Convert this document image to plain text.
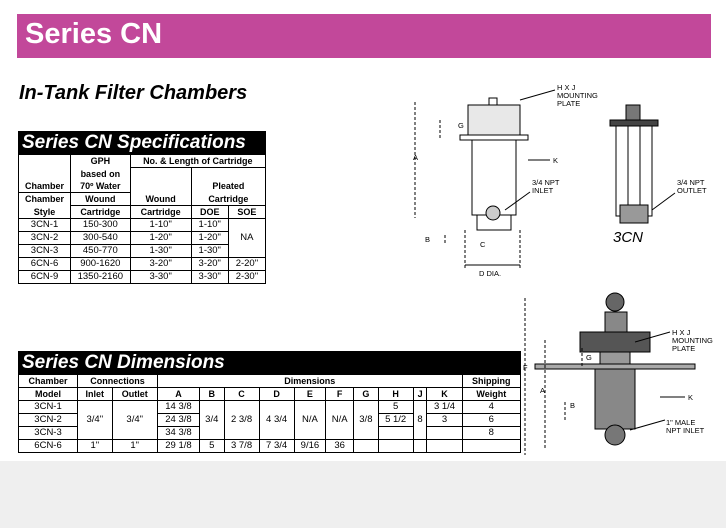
Series CN
In-Tank Filter Chambers
Series CN Specifications
Chamber	GPH	No. & Length of Cartridge		
	based on			
	70º Water		Pleated	
Chamber	Wound	Wound	Cartridge	
Style	Cartridge	Cartridge	DOE	SOE
3CN-1	150-300	1-10"	1-10"	NA
3CN-2	300-540	1-20"	1-20"	
3CN-3	450-770	1-30"	1-30"	
6CN-6	900-1620	3-20"	3-20"	2-20"
6CN-9	1350-2160	3-30"	3-30"	2-30"
Series CN Dimensions
Chamber	Connections		Dimensions										Shipping
Model	Inlet	Outlet	A	B	C	D	E	F	G	H	J	K	Weight
3CN-1	3/4"	3/4"	14 3/8	3/4	2 3/8	4 3/4	N/A	N/A	3/8	5	8	3 1/4	4
3CN-2			24 3/8							5 1/2		3	6
3CN-3			34 3/8										8
6CN-6	1"	1"	29 1/8	5	3 7/8	7 3/4	9/16	36					
H X J
MOUNTING
PLATE
A
G
K
3/4 NPT
INLET
B
C
D DIA.
3/4 NPT
OUTLET
3CN
H X J
MOUNTING
PLATE
F
A
G
B
K
1" MALE
NPT INLET
